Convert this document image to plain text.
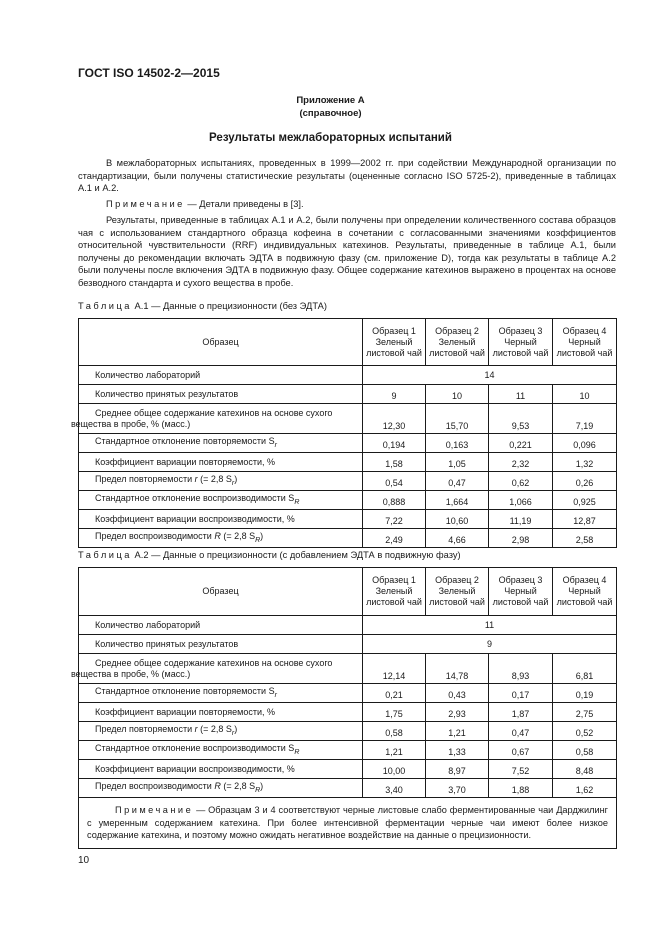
ГОСТ ISO 14502-2—2015
Приложение А
(справочное)
Результаты межлабораторных испытаний
В межлабораторных испытаниях, проведенных в 1999—2002 гг. при содействии Международной организации по стандартизации, были получены статистические результаты (оцененные согласно ISO 5725-2), приведенные в таблицах А.1 и А.2.
Примечание — Детали приведены в [3].
Результаты, приведенные в таблицах А.1 и А.2, были получены при определении количественного состава образцов чая с использованием стандартного образца кофеина в сочетании с согласованными значениями коэффициентов относительной чувствительности (RRF) индивидуальных катехинов. Результаты, приведенные в таблице А.1, были получены до рекомендации включать ЭДТА в подвижную фазу (см. приложение D), тогда как результаты в таблице А.2 были получены после включения ЭДТА в подвижную фазу. Общее содержание катехинов выражено в процентах на основе безводного стандарта и сухого вещества в пробе.
Таблица А.1 — Данные о прецизионности (без ЭДТА)
Образец	Образец 1
Зеленый
листовой чай	Образец 2
Зеленый
листовой чай	Образец 3
Черный
листовой чай	Образец 4
Черный
листовой чай
Количество лабораторий	14			
Количество принятых результатов	9	10	11	10
Среднее общее содержание катехинов на основе сухого
вещества в пробе, % (масс.)	12,30	15,70	9,53	7,19
Стандартное отклонение повторяемости $S_r$	0,194	0,163	0,221	0,096
Коэффициент вариации повторяемости, %	1,58	1,05	2,32	1,32
Предел повторяемости r (= 2,8 $S_r$)	0,54	0,47	0,62	0,26
Стандартное отклонение воспроизводимости $S_R$	0,888	1,664	1,066	0,925
Коэффициент вариации воспроизводимости, %	7,22	10,60	11,19	12,87
Предел воспроизводимости R (= 2,8 $S_R$)	2,49	4,66	2,98	2,58
Таблица А.2 — Данные о прецизионности (с добавлением ЭДТА в подвижную фазу)
Образец	Образец 1
Зеленый
листовой чай	Образец 2
Зеленый
листовой чай	Образец 3
Черный
листовой чай	Образец 4
Черный
листовой чай
Количество лабораторий	11			
Количество принятых результатов	9			
Среднее общее содержание катехинов на основе сухого
вещества в пробе, % (масс.)	12,14	14,78	8,93	6,81
Стандартное отклонение повторяемости $S_r$	0,21	0,43	0,17	0,19
Коэффициент вариации повторяемости, %	1,75	2,93	1,87	2,75
Предел повторяемости r (= 2,8 $S_r$)	0,58	1,21	0,47	0,52
Стандартное отклонение воспроизводимости $S_R$	1,21	1,33	0,67	0,58
Коэффициент вариации воспроизводимости, %	10,00	8,97	7,52	8,48
Предел воспроизводимости R (= 2,8 $S_R$)	3,40	3,70	1,88	1,62

Примечание — Образцам 3 и 4 соответствуют черные листовые слабо ферментированные чаи Дарджилинг с умеренным содержанием катехина. При более интенсивной ферментации черные чаи имеют более низкое содержание катехина, и поэтому можно ожидать негативное воздействие на данные о прецизионности.				
10
